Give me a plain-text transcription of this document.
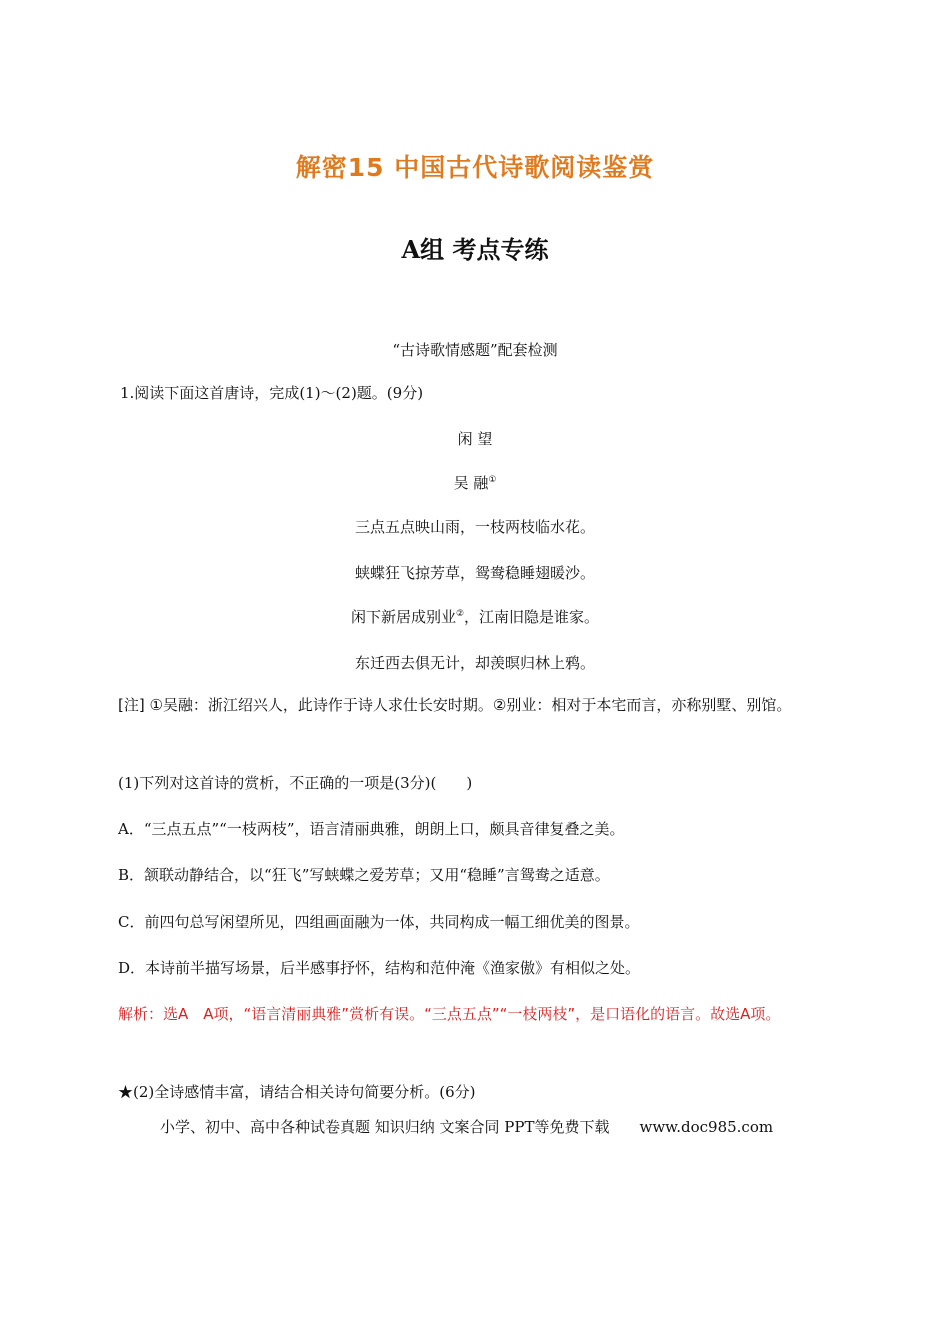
解密15 中国古代诗歌阅读鉴赏
A组 考点专练
“古诗歌情感题”配套检测
1.阅读下面这首唐诗，完成(1)～(2)题。(9分)
闲 望
吴 融①
三点五点映山雨，一枝两枝临水花。
蛱蝶狂飞掠芳草，鸳鸯稳睡翅暖沙。
闲下新居成别业②，江南旧隐是谁家。
东迁西去俱无计，却羡暝归林上鸦。
[注] ①吴融：浙江绍兴人，此诗作于诗人求仕长安时期。②别业：相对于本宅而言，亦称别墅、别馆。
(1)下列对这首诗的赏析，不正确的一项是(3分)(　　)
A．“三点五点”“一枝两枝”，语言清丽典雅，朗朗上口，颇具音律复叠之美。
B．颔联动静结合，以“狂飞”写蛱蝶之爱芳草；又用“稳睡”言鸳鸯之适意。
C．前四句总写闲望所见，四组画面融为一体，共同构成一幅工细优美的图景。
D．本诗前半描写场景，后半感事抒怀，结构和范仲淹《渔家傲》有相似之处。
解析：选A　A项，“语言清丽典雅”赏析有误。“三点五点”“一枝两枝”，是口语化的语言。故选A项。
★(2)全诗感情丰富，请结合相关诗句简要分析。(6分)
小学、初中、高中各种试卷真题 知识归纳 文案合同 PPT等免费下载　　www.doc985.com
